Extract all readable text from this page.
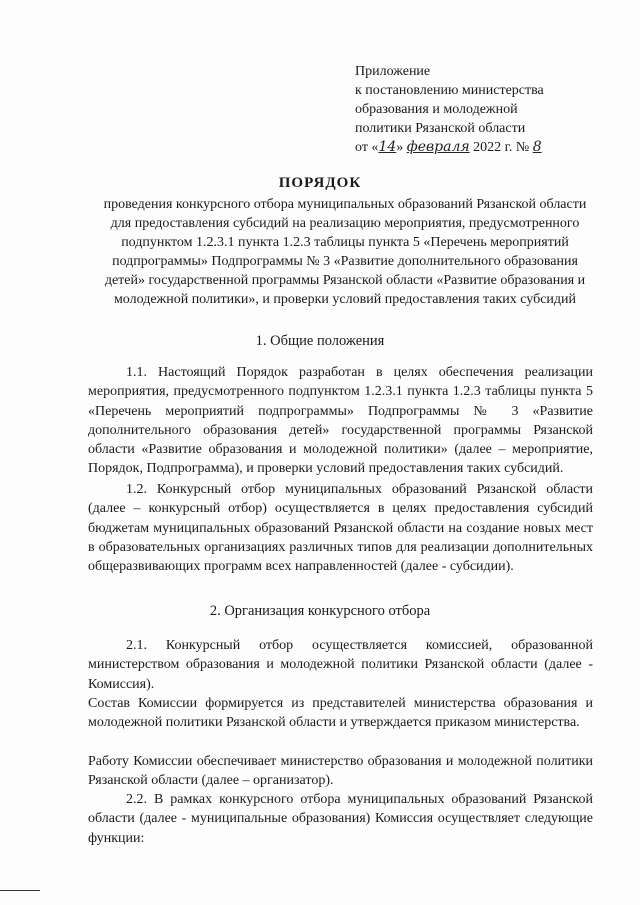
Приложение
к постановлению министерства
образования и молодежной
политики Рязанской области
от «14» февраля 2022 г. № 8
ПОРЯДОК
проведения конкурсного отбора муниципальных образований Рязанской области для предоставления субсидий на реализацию мероприятия, предусмотренного подпунктом 1.2.3.1 пункта 1.2.3 таблицы пункта 5 «Перечень мероприятий подпрограммы» Подпрограммы № 3 «Развитие дополнительного образования детей» государственной программы Рязанской области «Развитие образования и молодежной политики», и проверки условий предоставления таких субсидий
1. Общие положения
1.1. Настоящий Порядок разработан в целях обеспечения реализации мероприятия, предусмотренного подпунктом 1.2.3.1 пункта 1.2.3 таблицы пункта 5 «Перечень мероприятий подпрограммы» Подпрограммы № 3 «Развитие дополнительного образования детей» государственной программы Рязанской области «Развитие образования и молодежной политики» (далее – мероприятие, Порядок, Подпрограмма), и проверки условий предоставления таких субсидий.
1.2. Конкурсный отбор муниципальных образований Рязанской области (далее – конкурсный отбор) осуществляется в целях предоставления субсидий бюджетам муниципальных образований Рязанской области на создание новых мест в образовательных организациях различных типов для реализации дополнительных общеразвивающих программ всех направленностей (далее - субсидии).
2. Организация конкурсного отбора
2.1. Конкурсный отбор осуществляется комиссией, образованной министерством образования и молодежной политики Рязанской области (далее - Комиссия).
Состав Комиссии формируется из представителей министерства образования и молодежной политики Рязанской области и утверждается приказом министерства.
Работу Комиссии обеспечивает министерство образования и молодежной политики Рязанской области (далее – организатор).
2.2. В рамках конкурсного отбора муниципальных образований Рязанской области (далее - муниципальные образования) Комиссия осуществляет следующие функции:
